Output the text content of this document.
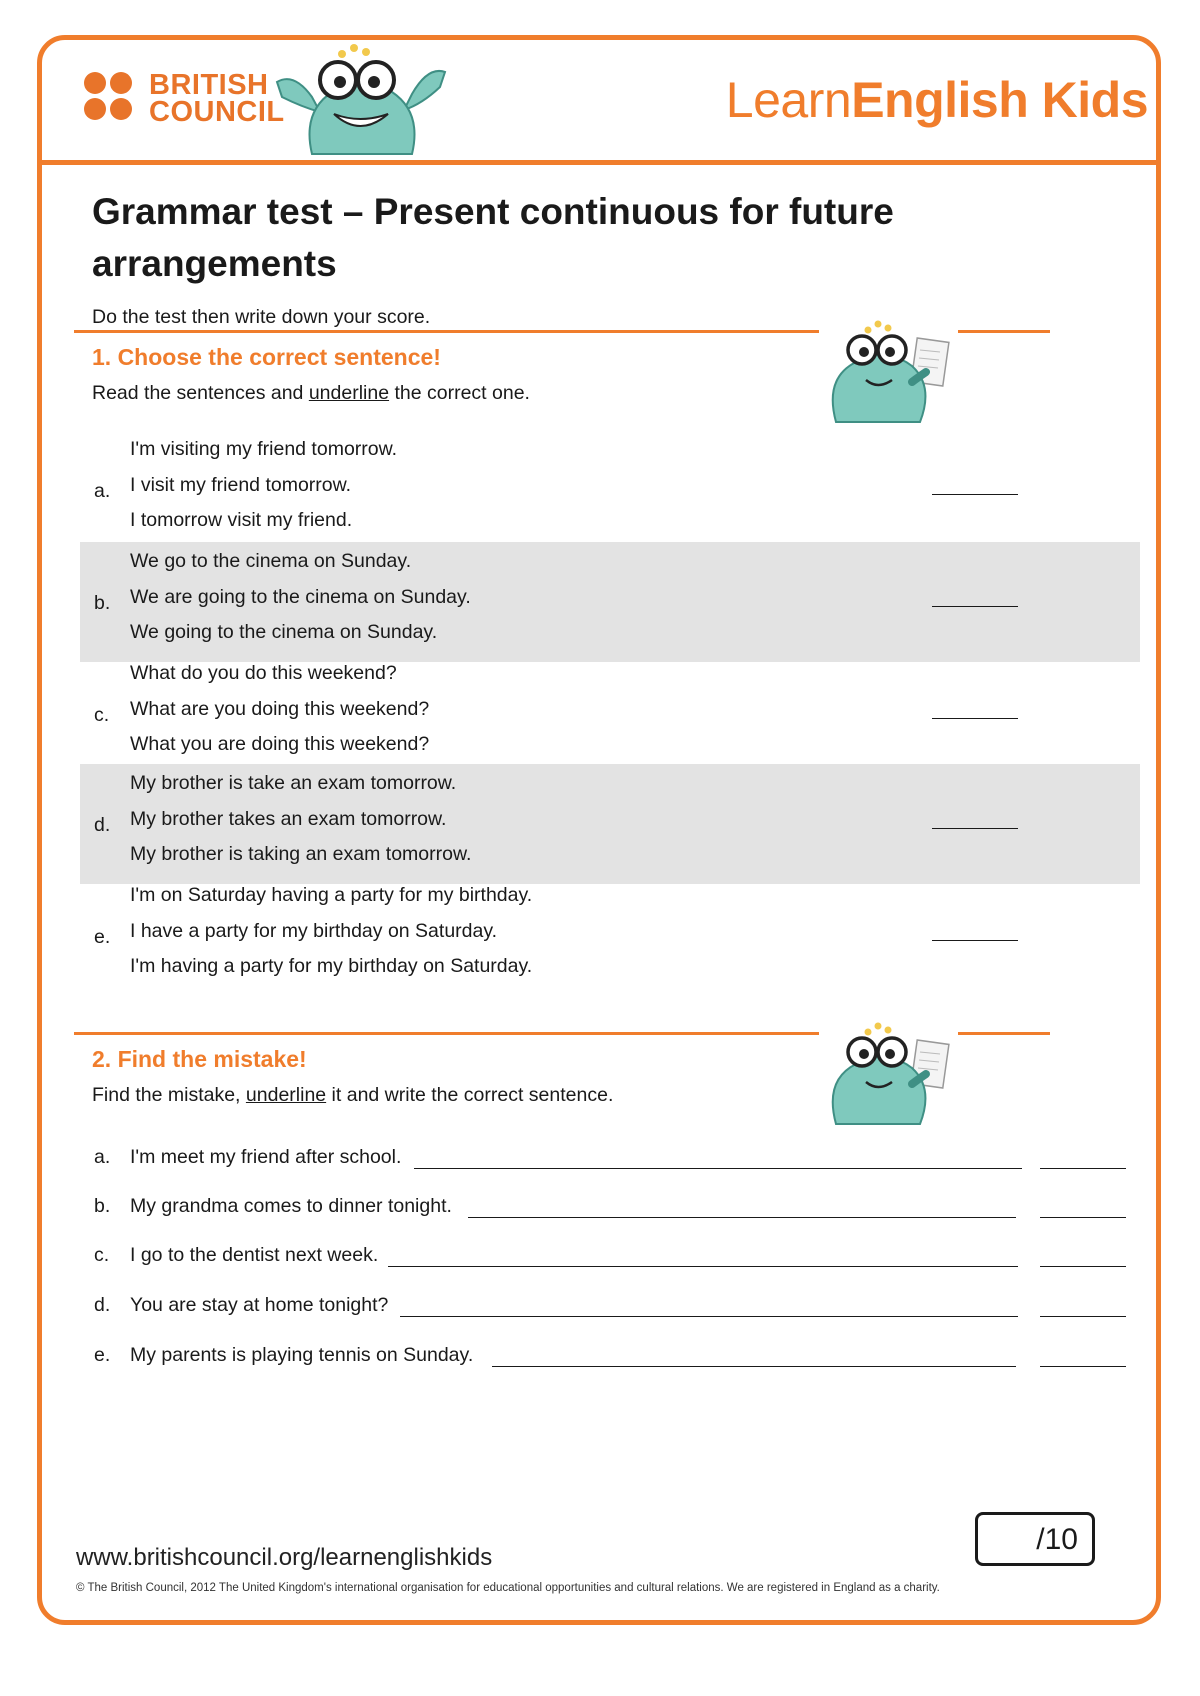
BRITISH
COUNCIL	LearnEnglish Kids
Grammar test – Present continuous for future arrangements
Do the test then write down your score.
1. Choose the correct sentence!
Read the sentences and underline the correct one.
I'm visiting my friend tomorrow.
a. I visit my friend tomorrow.
I tomorrow visit my friend.
We go to the cinema on Sunday.
b. We are going to the cinema on Sunday.
We going to the cinema on Sunday.
What do you do this weekend?
c. What are you doing this weekend?
What you are doing this weekend?
My brother is take an exam tomorrow.
d. My brother takes an exam tomorrow.
My brother is taking an exam tomorrow.
I'm on Saturday having a party for my birthday.
e. I have a party for my birthday on Saturday.
I'm having a party for my birthday on Saturday.
2. Find the mistake!
Find the mistake, underline it and write the correct sentence.
a. I'm meet my friend after school.
b. My grandma comes to dinner tonight.
c. I go to the dentist next week.
d. You are stay at home tonight?
e. My parents is playing tennis on Sunday.
/10
www.britishcouncil.org/learnenglishkids
© The British Council, 2012 The United Kingdom's international organisation for educational opportunities and cultural relations. We are registered in England as a charity.
